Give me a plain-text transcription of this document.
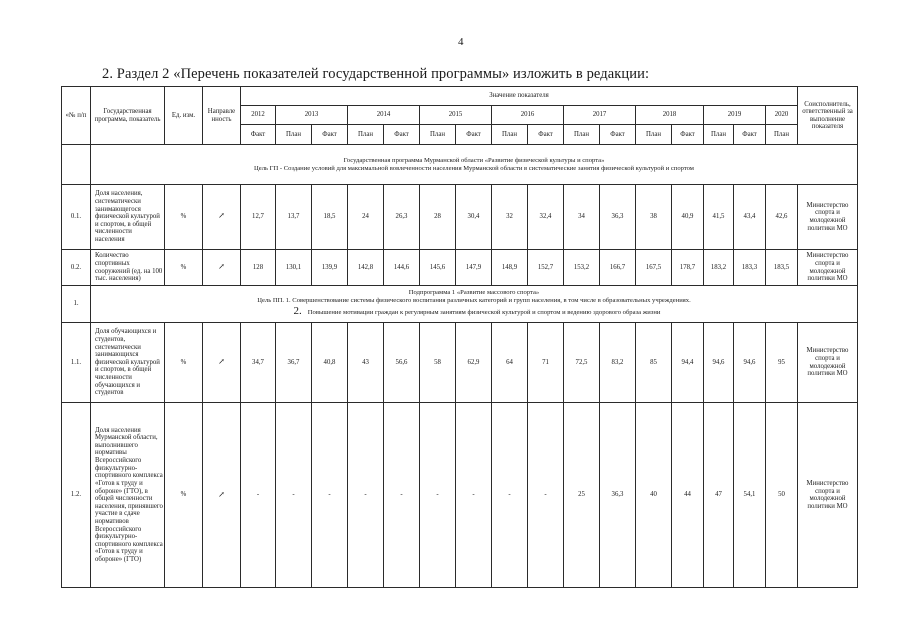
4
2. Раздел 2 «Перечень показателей государственной программы» изложить в редакции:
«№ п/п	Государственная программа, показатель	Ед. изм.	Направле нность	Значение показателя																Соисполнитель, ответственный за выполнение показателя
				2012	2013		2014		2015		2016		2017		2018		2019		2020	
				Факт	План	Факт	План	Факт	План	Факт	План	Факт	План	Факт	План	Факт	План	Факт	План	

	Государственная программа Мурманской области «Развитие физической культуры и спорта»
Цель ГП - Создание условий для максимальной вовлеченности населения Мурманской области в систематические занятия физической культурой и спортом																			

0.1.	Доля населения, систематически занимающегося физической культурой и спортом, в общей численности населения	%	↗	12,7	13,7	18,5	24	26,3	28	30,4	32	32,4	34	36,3	38	40,9	41,5	43,4	42,6	Министерство спорта и молодежной политики МО
0.2.	Количество спортивных сооружений (ед. на 100 тыс. населения)	%	↗	128	130,1	139,9	142,8	144,6	145,6	147,9	148,9	152,7	153,2	166,7	167,5	178,7	183,2	183,3	183,5	Министерство спорта и молодежной политики МО
1.	Подпрограмма 1 «Развитие массового спорта»
Цель ПП. 1. Совершенствование системы физического воспитания различных категорий и групп населения, в том числе в образовательных учреждениях.
2. Повышение мотивации граждан к регулярным занятиям физической культурой и спортом и ведению здорового образа жизни																			

1.1.	Доля обучающихся и студентов, систематически занимающихся физической культурой и спортом, в общей численности обучающихся и студентов	%	↗	34,7	36,7	40,8	43	56,6	58	62,9	64	71	72,5	83,2	85	94,4	94,6	94,6	95	Министерство спорта и молодежной политики МО
1.2.	Доля населения Мурманской области, выполнившего нормативы Всероссийского физкультурно-спортивного комплекса «Готов к труду и обороне» (ГТО), в общей численности населения, принявшего участие в сдаче нормативов Всероссийского физкультурно-спортивного комплекса «Готов к труду и обороне» (ГТО)	%	↗	-	-	-	-	-	-	-	-	-	25	36,3	40	44	47	54,1	50	Министерство спорта и молодежной политики МО
